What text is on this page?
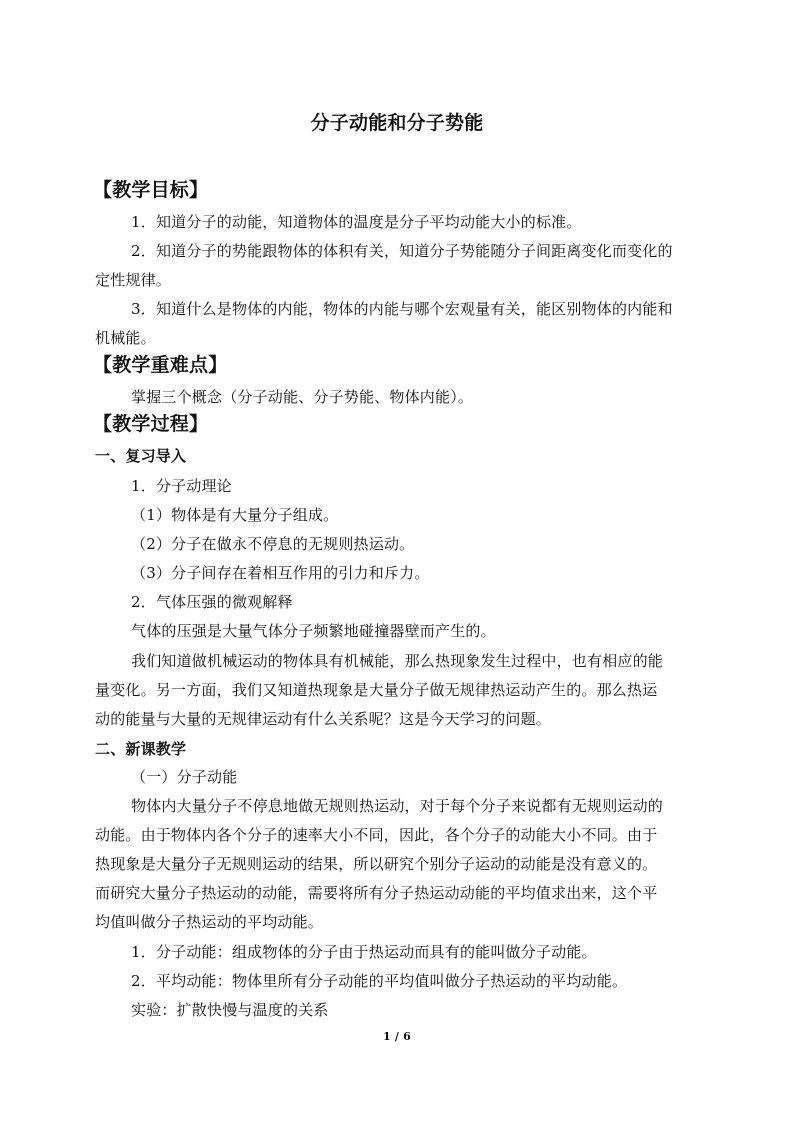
分子动能和分子势能
【教学目标】
1．知道分子的动能，知道物体的温度是分子平均动能大小的标准。
2．知道分子的势能跟物体的体积有关，知道分子势能随分子间距离变化而变化的
定性规律。
3．知道什么是物体的内能，物体的内能与哪个宏观量有关，能区别物体的内能和
机械能。
【教学重难点】
掌握三个概念（分子动能、分子势能、物体内能）。
【教学过程】
一、复习导入
1．分子动理论
（1）物体是有大量分子组成。
（2）分子在做永不停息的无规则热运动。
（3）分子间存在着相互作用的引力和斥力。
2．气体压强的微观解释
气体的压强是大量气体分子频繁地碰撞器壁而产生的。
我们知道做机械运动的物体具有机械能，那么热现象发生过程中，也有相应的能
量变化。另一方面，我们又知道热现象是大量分子做无规律热运动产生的。那么热运
动的能量与大量的无规律运动有什么关系呢？这是今天学习的问题。
二、新课教学
（一）分子动能
物体内大量分子不停息地做无规则热运动，对于每个分子来说都有无规则运动的
动能。由于物体内各个分子的速率大小不同，因此，各个分子的动能大小不同。由于
热现象是大量分子无规则运动的结果，所以研究个别分子运动的动能是没有意义的。
而研究大量分子热运动的动能，需要将所有分子热运动动能的平均值求出来，这个平
均值叫做分子热运动的平均动能。
1．分子动能：组成物体的分子由于热运动而具有的能叫做分子动能。
2．平均动能：物体里所有分子动能的平均值叫做分子热运动的平均动能。
实验：扩散快慢与温度的关系
1 / 6
